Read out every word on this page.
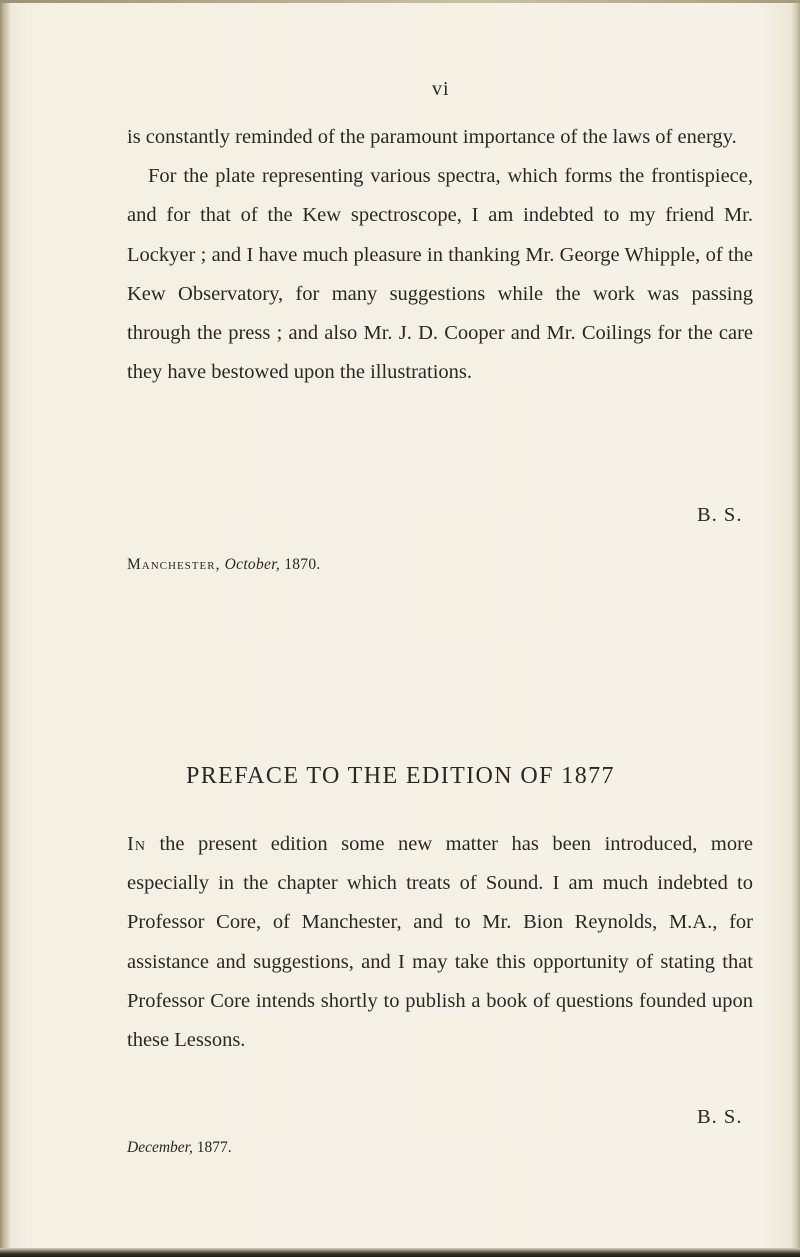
vi

is constantly reminded of the paramount importance of the laws of energy.

For the plate representing various spectra, which forms the frontispiece, and for that of the Kew spectroscope, I am indebted to my friend Mr. Lockyer ; and I have much pleasure in thanking Mr. George Whipple, of the Kew Observatory, for many suggestions while the work was passing through the press ; and also Mr. J. D. Cooper and Mr. Coilings for the care they have bestowed upon the illustrations.

B. S.
Manchester, October, 1870.
PREFACE TO THE EDITION OF 1877

In the present edition some new matter has been introduced, more especially in the chapter which treats of Sound. I am much indebted to Professor Core, of Manchester, and to Mr. Bion Reynolds, M.A., for assistance and suggestions, and I may take this opportunity of stating that Professor Core intends shortly to publish a book of questions founded upon these Lessons.

B. S.
December, 1877.
